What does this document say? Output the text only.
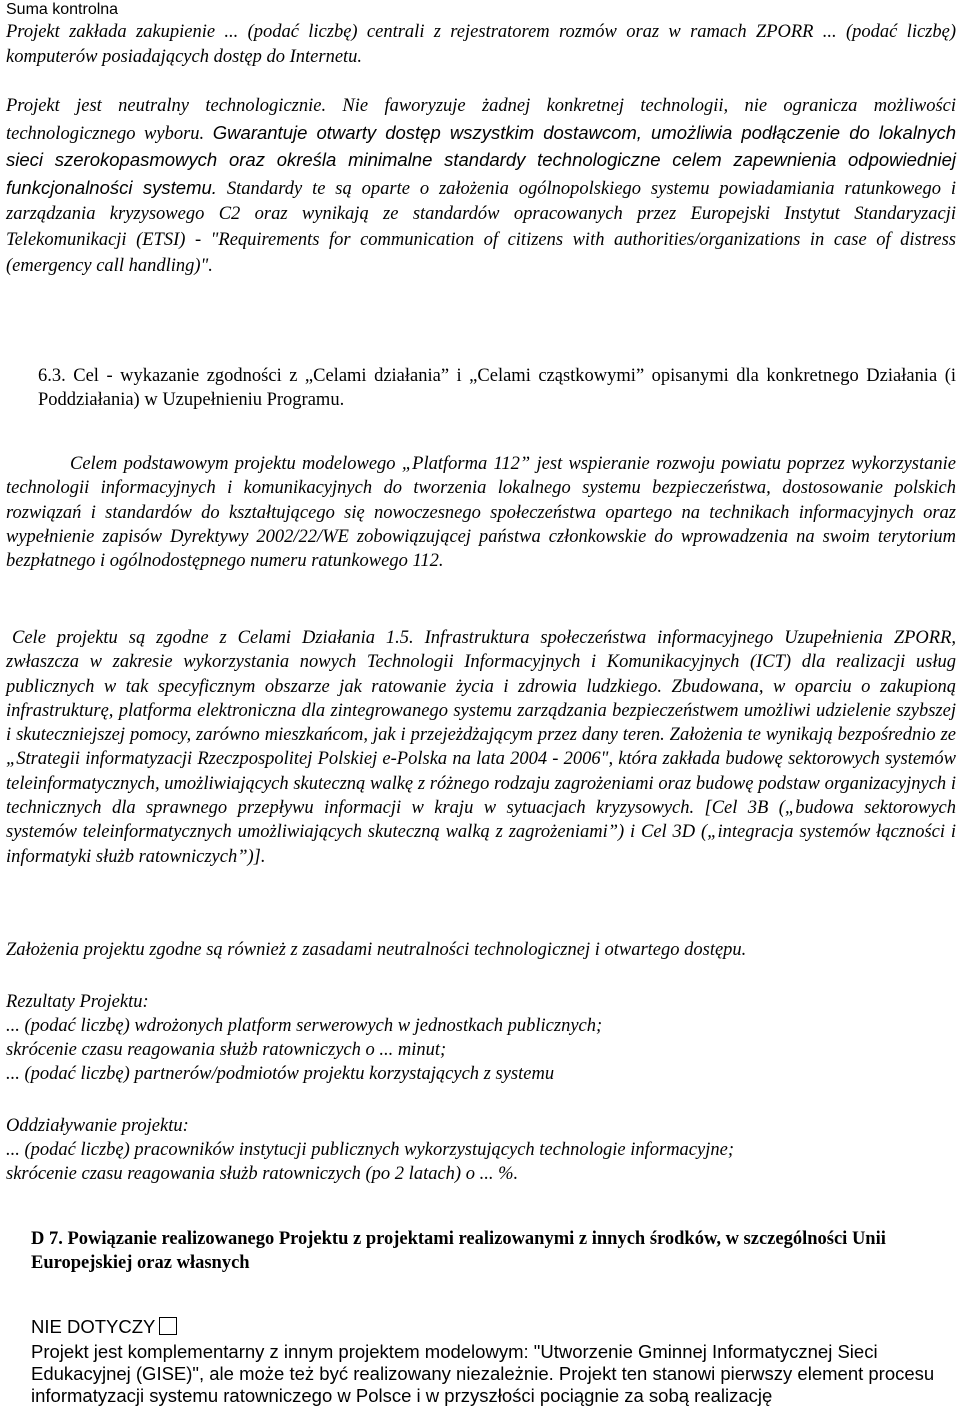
Suma kontrolna

Projekt zakłada zakupienie ... (podać liczbę) centrali z rejestratorem rozmów oraz w ramach ZPORR ... (podać liczbę) komputerów posiadających dostęp do Internetu.

Projekt jest neutralny technologicznie. Nie faworyzuje żadnej konkretnej technologii, nie ogranicza możliwości technologicznego wyboru. Gwarantuje otwarty dostęp wszystkim dostawcom, umożliwia podłączenie do lokalnych sieci szerokopasmowych oraz określa minimalne standardy technologiczne celem zapewnienia odpowiedniej funkcjonalności systemu. Standardy te są oparte o założenia ogólnopolskiego systemu powiadamiania ratunkowego i zarządzania kryzysowego C2 oraz wynikają ze standardów opracowanych przez Europejski Instytut Standaryzacji Telekomunikacji (ETSI) - "Requirements for communication of citizens with authorities/organizations in case of distress (emergency call handling)".

6.3. Cel - wykazanie zgodności z „Celami działania” i „Celami cząstkowymi” opisanymi dla konkretnego Działania (i Poddziałania) w Uzupełnieniu Programu.

Celem podstawowym projektu modelowego „Platforma 112” jest wspieranie rozwoju powiatu poprzez wykorzystanie technologii informacyjnych i komunikacyjnych do tworzenia lokalnego systemu bezpieczeństwa, dostosowanie polskich rozwiązań i standardów do kształtującego się nowoczesnego społeczeństwa opartego na technikach informacyjnych oraz wypełnienie zapisów Dyrektywy 2002/22/WE zobowiązującej państwa członkowskie do wprowadzenia na swoim terytorium bezpłatnego i ogólnodostępnego numeru ratunkowego 112.

Cele projektu są zgodne z Celami Działania 1.5. Infrastruktura społeczeństwa informacyjnego Uzupełnienia ZPORR, zwłaszcza w zakresie wykorzystania nowych Technologii Informacyjnych i Komunikacyjnych (ICT) dla realizacji usług publicznych w tak specyficznym obszarze jak ratowanie życia i zdrowia ludzkiego. Zbudowana, w oparciu o zakupioną infrastrukturę, platforma elektroniczna dla zintegrowanego systemu zarządzania bezpieczeństwem umożliwi udzielenie szybszej i skuteczniejszej pomocy, zarówno mieszkańcom, jak i przejeżdżającym przez dany teren. Założenia te wynikają bezpośrednio ze „Strategii informatyzacji Rzeczpospolitej Polskiej e-Polska na lata 2004 - 2006", która zakłada budowę sektorowych systemów teleinformatycznych, umożliwiających skuteczną walkę z różnego rodzaju zagrożeniami oraz budowę podstaw organizacyjnych i technicznych dla sprawnego przepływu informacji w kraju w sytuacjach kryzysowych. [Cel 3B („budowa sektorowych systemów teleinformatycznych umożliwiających skuteczną walką z zagrożeniami”) i Cel 3D („integracja systemów łączności i informatyki służb ratowniczych”)].

Założenia projektu zgodne są również z zasadami neutralności technologicznej i otwartego dostępu.

Rezultaty Projektu:
... (podać liczbę) wdrożonych platform serwerowych w jednostkach publicznych;
skrócenie czasu reagowania służb ratowniczych o ... minut;
... (podać liczbę) partnerów/podmiotów projektu korzystających z systemu
Oddziaływanie projektu:
... (podać liczbę) pracowników instytucji publicznych wykorzystujących technologie informacyjne;
skrócenie czasu reagowania służb ratowniczych (po 2 latach) o ... %.

D 7. Powiązanie realizowanego Projektu z projektami realizowanymi z innych środków, w szczególności Unii Europejskiej oraz własnych

NIE DOTYCZY

Projekt jest komplementarny z innym projektem modelowym: "Utworzenie Gminnej Informatycznej Sieci Edukacyjnej (GISE)", ale może też być realizowany niezależnie. Projekt ten stanowi pierwszy element procesu informatyzacji systemu ratowniczego w Polsce i w przyszłości pociągnie za sobą realizację
